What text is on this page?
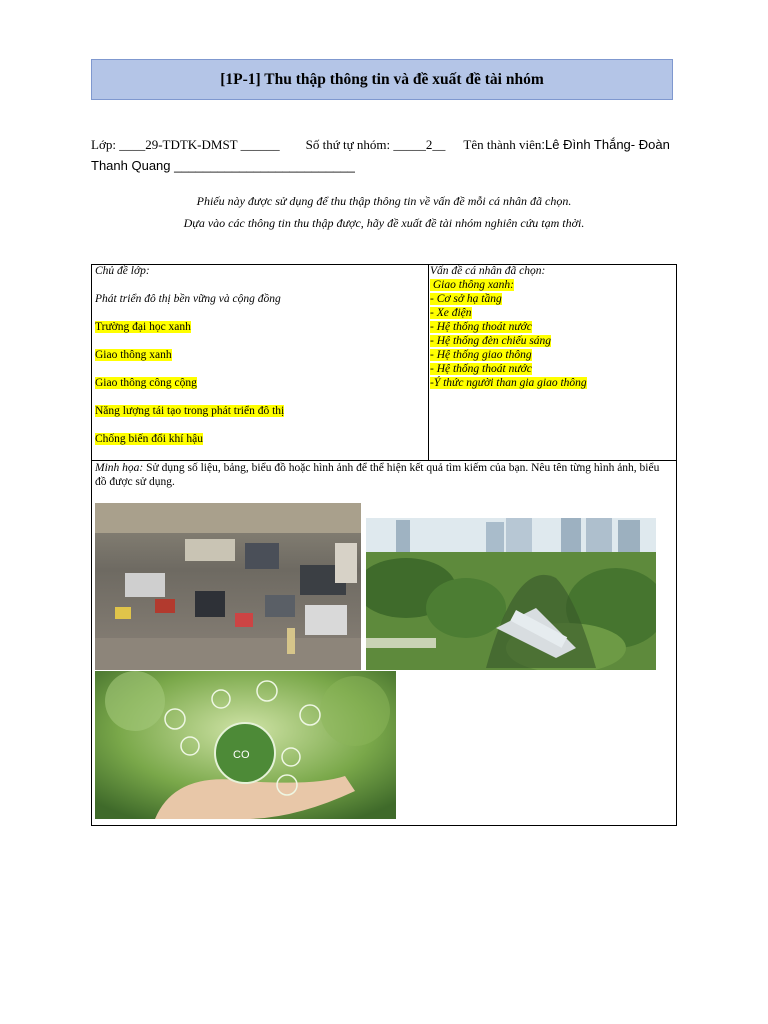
[1P-1] Thu thập thông tin và đề xuất đề tài nhóm
Lớp: ____29-TDTK-DMST ______ Số thứ tự nhóm: _____2__ Tên thành viên:Lê Đình Thắng- Đoàn Thanh Quang _________________________
Phiếu này được sử dụng để thu thập thông tin về vấn đề mỗi cá nhân đã chọn.
Dựa vào các thông tin thu thập được, hãy đề xuất đề tài nhóm nghiên cứu tạm thời.
Chủ đề lớp:
Phát triển đô thị bền vững và cộng đồng
Trường đại học xanh
Giao thông xanh
Giao thông công cộng
Năng lượng tái tạo trong phát triển đô thị
Chống biến đổi khí hậu
Vấn đề cá nhân đã chọn:
Giao thông xanh:
- Cơ sở hạ tầng
- Xe điện
- Hệ thống thoát nước
- Hệ thống đèn chiếu sáng
- Hệ thống giao thông
- Hệ thống thoát nước
-Ý thức người than gia giao thông
Minh họa: Sử dụng số liệu, bảng, biểu đồ hoặc hình ảnh để thể hiện kết quả tìm kiếm của bạn. Nêu tên từng hình ảnh, biểu đồ được sử dụng.
CO
